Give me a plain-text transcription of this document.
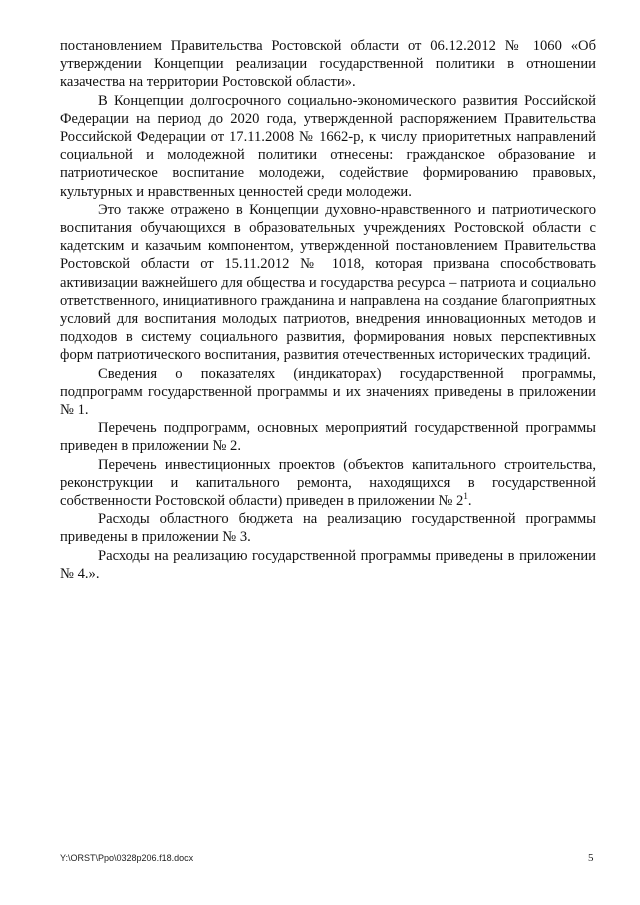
постановлением Правительства Ростовской области от 06.12.2012 № 1060 «Об утверждении Концепции реализации государственной политики в отношении казачества на территории Ростовской области».

В Концепции долгосрочного социально-экономического развития Российской Федерации на период до 2020 года, утвержденной распоряжением Правительства Российской Федерации от 17.11.2008 № 1662-р, к числу приоритетных направлений социальной и молодежной политики отнесены: гражданское образование и патриотическое воспитание молодежи, содействие формированию правовых, культурных и нравственных ценностей среди молодежи.

Это также отражено в Концепции духовно-нравственного и патриотического воспитания обучающихся в образовательных учреждениях Ростовской области с кадетским и казачьим компонентом, утвержденной постановлением Правительства Ростовской области от 15.11.2012 № 1018, которая призвана способствовать активизации важнейшего для общества и государства ресурса – патриота и социально ответственного, инициативного гражданина и направлена на создание благоприятных условий для воспитания молодых патриотов, внедрения инновационных методов и подходов в систему социального развития, формирования новых перспективных форм патриотического воспитания, развития отечественных исторических традиций.

Сведения о показателях (индикаторах) государственной программы, подпрограмм государственной программы и их значениях приведены в приложении № 1.

Перечень подпрограмм, основных мероприятий государственной программы приведен в приложении № 2.

Перечень инвестиционных проектов (объектов капитального строительства, реконструкции и капитального ремонта, находящихся в государственной собственности Ростовской области) приведен в приложении № 2$^1$.

Расходы областного бюджета на реализацию государственной программы приведены в приложении № 3.

Расходы на реализацию государственной программы приведены в приложении № 4.».

Y:\ORST\Ppo\0328p206.f18.docx	5
